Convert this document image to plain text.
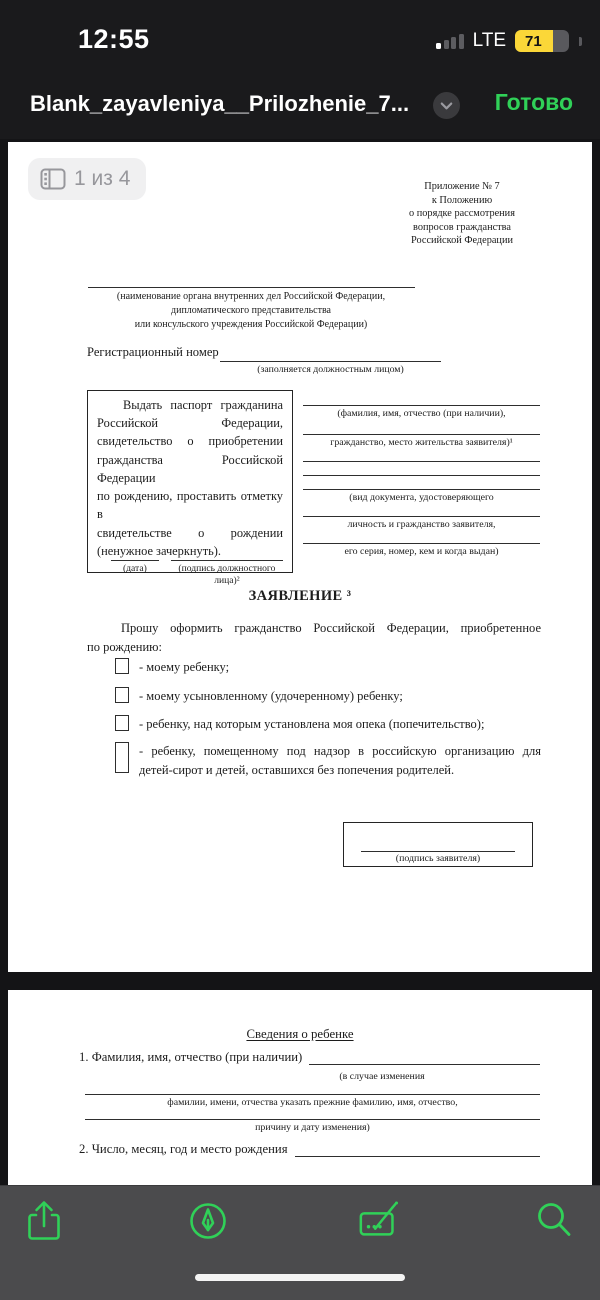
12:55	LTE	71
Blank_zayavleniya__Prilozhenie_7...	Готово
1 из 4	Приложение № 7
к Положению
о порядке рассмотрения
вопросов гражданства
Российской Федерации
(наименование органа внутренних дел Российской Федерации,
дипломатического представительства
или консульского учреждения Российской Федерации)
Регистрационный номер
(заполняется должностным лицом)
Выдать паспорт гражданина
Российской Федерации,
свидетельство о приобретении
гражданства Российской Федерации
по рождению, проставить отметку в
свидетельстве о рождении
(ненужное зачеркнуть).
(дата)	(подпись должностного лица)²
(фамилия, имя, отчество (при наличии),
гражданство, место жительства заявителя)¹
(вид документа, удостоверяющего
личность и гражданство заявителя,
его серия, номер, кем и когда выдан)
ЗАЯВЛЕНИЕ ³
Прошу оформить гражданство Российской Федерации, приобретенное
по рождению:
- моему ребенку;
- моему усыновленному (удочеренному) ребенку;
- ребенку, над которым установлена моя опека (попечительство);
- ребенку, помещенному под надзор в российскую организацию для
детей-сирот и детей, оставшихся без попечения родителей.
(подпись заявителя)
Сведения о ребенке
1. Фамилия, имя, отчество (при наличии)
(в случае изменения
фамилии, имени, отчества указать прежние фамилию, имя, отчество,
причину и дату изменения)
2. Число, месяц, год и место рождения
